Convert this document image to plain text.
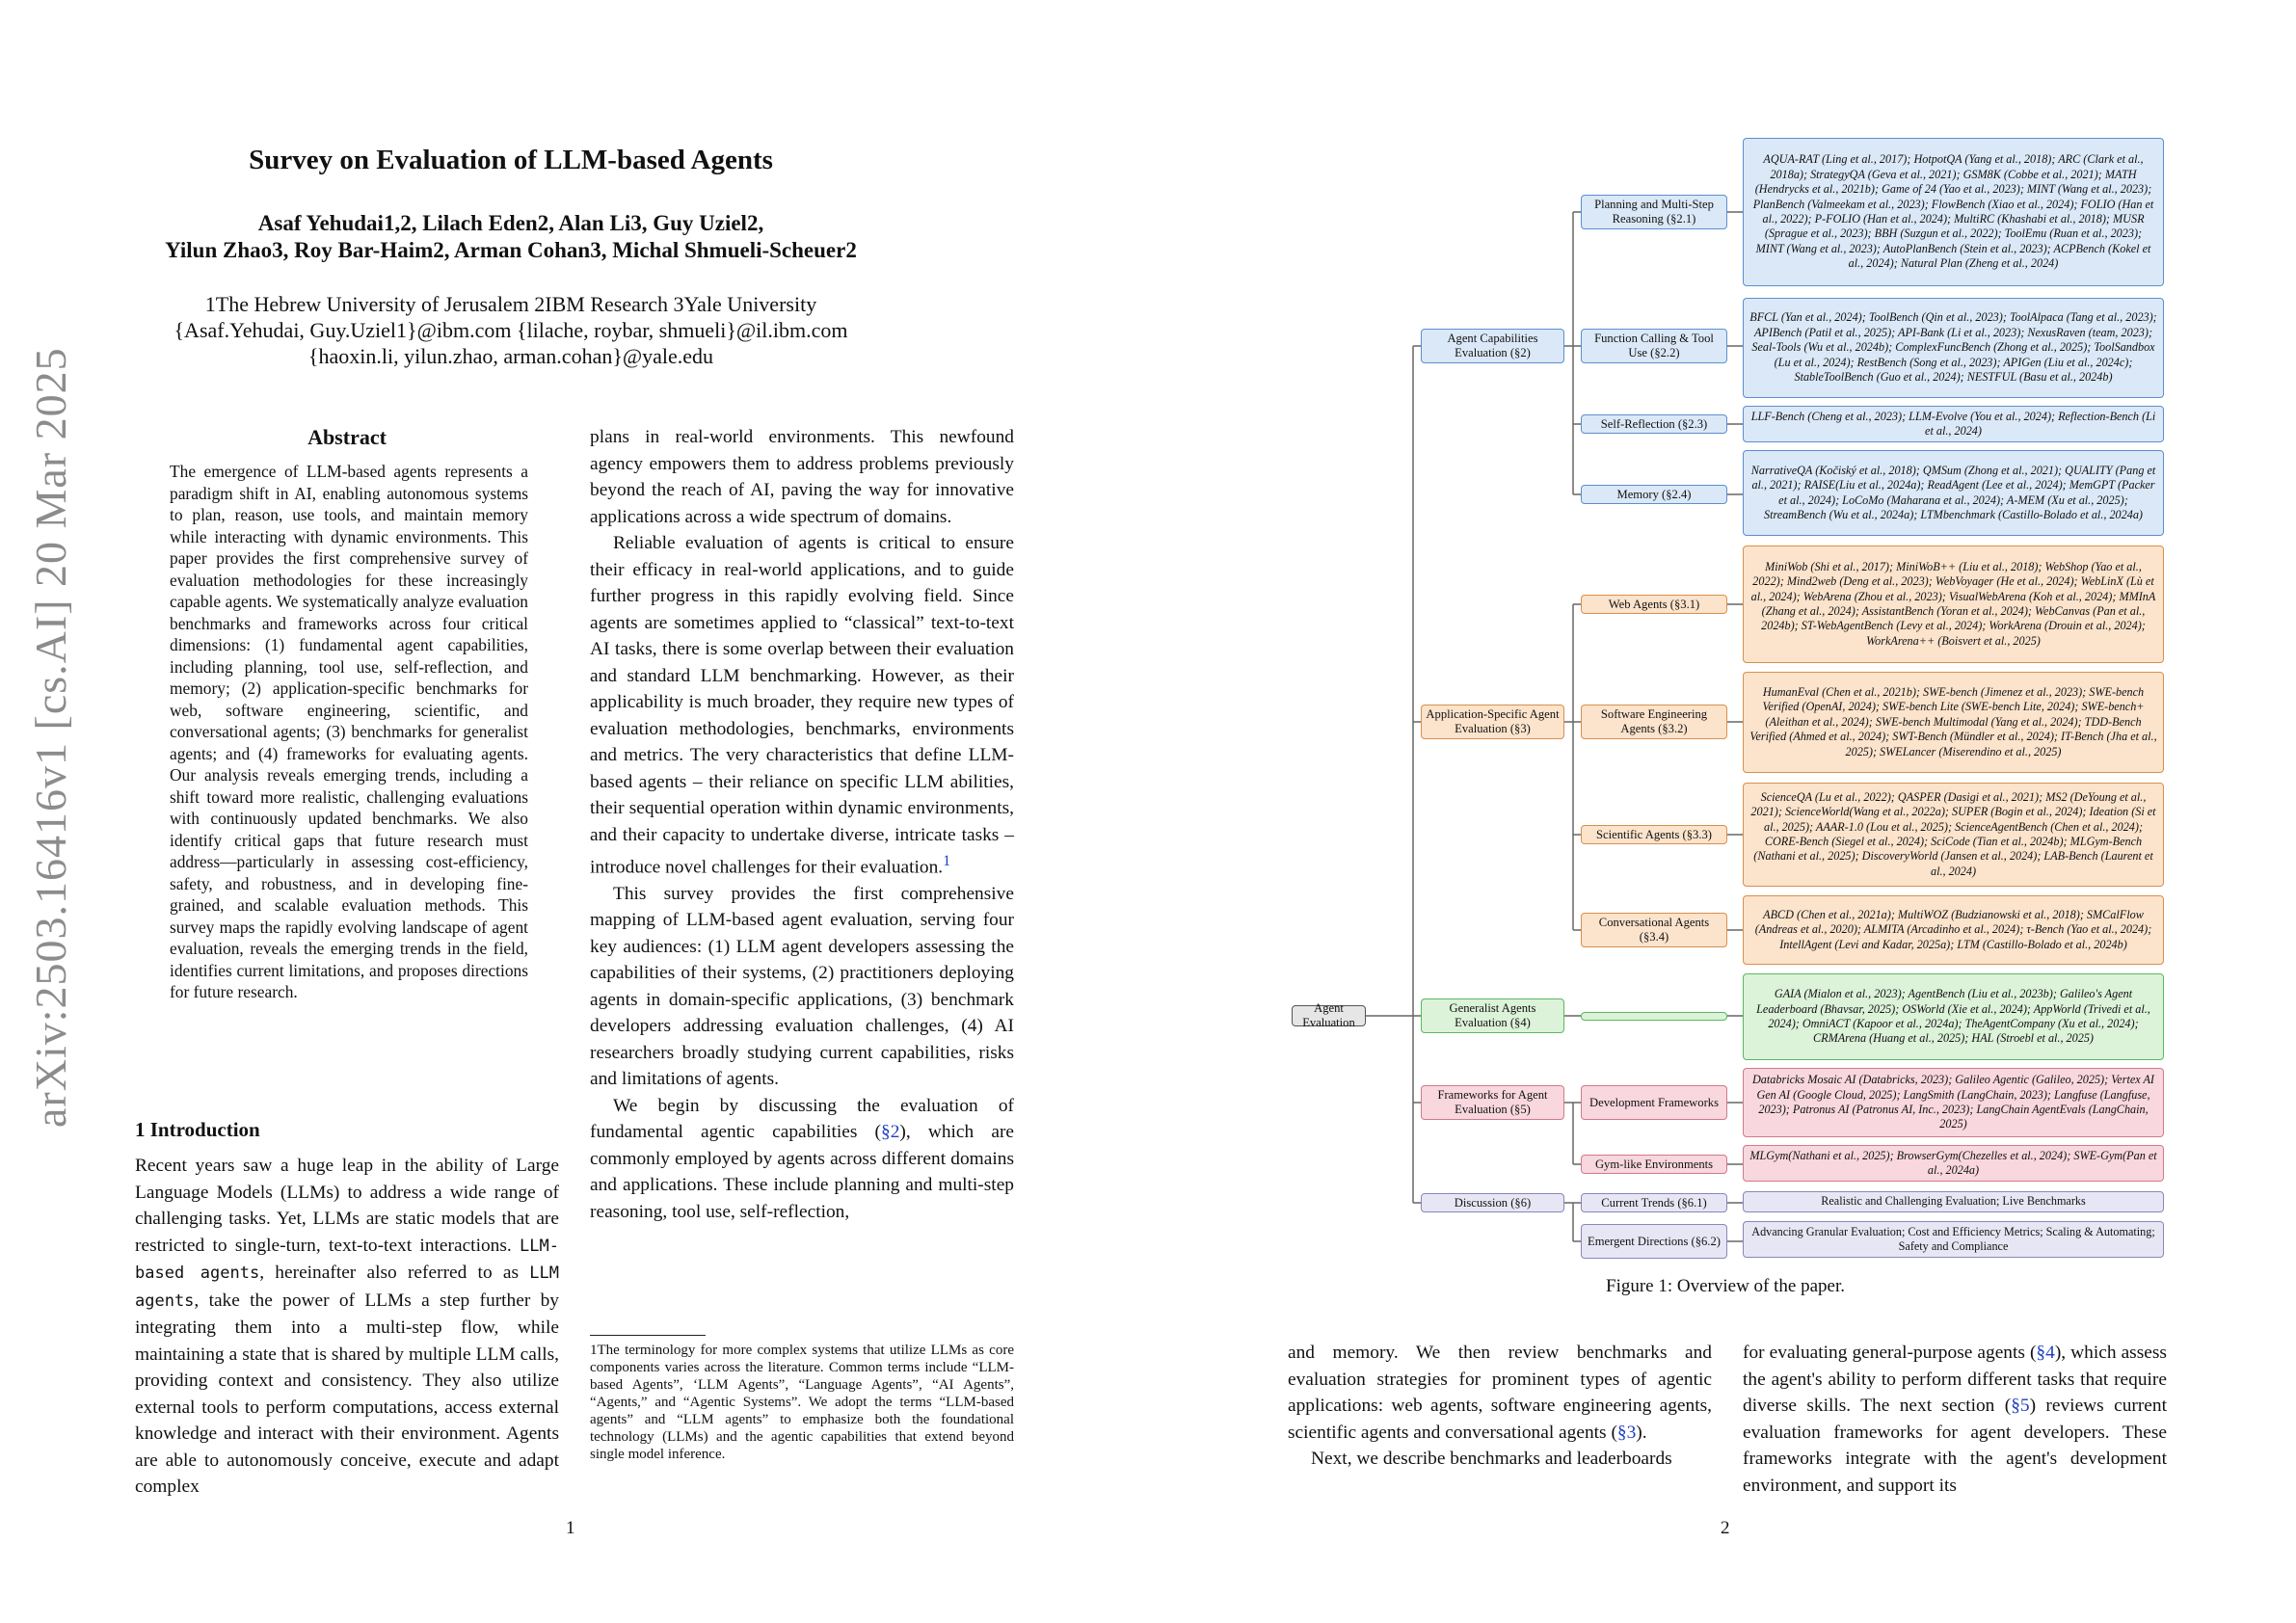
arXiv:2503.16416v1 [cs.AI] 20 Mar 2025
Survey on Evaluation of LLM-based Agents
Asaf Yehudai1,2, Lilach Eden2, Alan Li3, Guy Uziel2,
Yilun Zhao3, Roy Bar-Haim2, Arman Cohan3, Michal Shmueli-Scheuer2
1The Hebrew University of Jerusalem 2IBM Research 3Yale University
{Asaf.Yehudai, Guy.Uziel1}@ibm.com {lilache, roybar, shmueli}@il.ibm.com
{haoxin.li, yilun.zhao, arman.cohan}@yale.edu
Abstract
The emergence of LLM-based agents represents a paradigm shift in AI, enabling autonomous systems to plan, reason, use tools, and maintain memory while interacting with dynamic environments. This paper provides the first comprehensive survey of evaluation methodologies for these increasingly capable agents. We systematically analyze evaluation benchmarks and frameworks across four critical dimensions: (1) fundamental agent capabilities, including planning, tool use, self-reflection, and memory; (2) application-specific benchmarks for web, software engineering, scientific, and conversational agents; (3) benchmarks for generalist agents; and (4) frameworks for evaluating agents. Our analysis reveals emerging trends, including a shift toward more realistic, challenging evaluations with continuously updated benchmarks. We also identify critical gaps that future research must address—particularly in assessing cost-efficiency, safety, and robustness, and in developing fine-grained, and scalable evaluation methods. This survey maps the rapidly evolving landscape of agent evaluation, reveals the emerging trends in the field, identifies current limitations, and proposes directions for future research.
1 Introduction

Recent years saw a huge leap in the ability of Large Language Models (LLMs) to address a wide range of challenging tasks. Yet, LLMs are static models that are restricted to single-turn, text-to-text interactions. LLM-based agents, hereinafter also referred to as LLM agents, take the power of LLMs a step further by integrating them into a multi-step flow, while maintaining a state that is shared by multiple LLM calls, providing context and consistency. They also utilize external tools to perform computations, access external knowledge and interact with their environment. Agents are able to autonomously conceive, execute and adapt complex

plans in real-world environments. This newfound agency empowers them to address problems previously beyond the reach of AI, paving the way for innovative applications across a wide spectrum of domains.

Reliable evaluation of agents is critical to ensure their efficacy in real-world applications, and to guide further progress in this rapidly evolving field. Since agents are sometimes applied to “classical” text-to-text AI tasks, there is some overlap between their evaluation and standard LLM benchmarking. However, as their applicability is much broader, they require new types of evaluation methodologies, benchmarks, environments and metrics. The very characteristics that define LLM-based agents – their reliance on specific LLM abilities, their sequential operation within dynamic environments, and their capacity to undertake diverse, intricate tasks – introduce novel challenges for their evaluation.$^1$

This survey provides the first comprehensive mapping of LLM-based agent evaluation, serving four key audiences: (1) LLM agent developers assessing the capabilities of their systems, (2) practitioners deploying agents in domain-specific applications, (3) benchmark developers addressing evaluation challenges, (4) AI researchers broadly studying current capabilities, risks and limitations of agents.

We begin by discussing the evaluation of fundamental agentic capabilities (§2), which are commonly employed by agents across different domains and applications. These include planning and multi-step reasoning, tool use, self-reflection,

1The terminology for more complex systems that utilize LLMs as core components varies across the literature. Common terms include “LLM-based Agents”, ‘LLM Agents”, “Language Agents”, “AI Agents”, “Agents,” and “Agentic Systems”. We adopt the terms “LLM-based agents” and “LLM agents” to emphasize both the foundational technology (LLMs) and the agentic capabilities that extend beyond single model inference.
1
Agent Evaluation
Agent Capabilities Evaluation (§2)
Application-Specific Agent Evaluation (§3)
Generalist Agents Evaluation (§4)
Frameworks for Agent Evaluation (§5)
Discussion (§6)
Planning and Multi-Step Reasoning (§2.1)
Function Calling & Tool Use (§2.2)
Self-Reflection (§2.3)
Memory (§2.4)
Web Agents (§3.1)
Software Engineering Agents (§3.2)
Scientific Agents (§3.3)
Conversational Agents (§3.4)
Development Frameworks
Gym-like Environments
Current Trends (§6.1)
Emergent Directions (§6.2)
AQUA-RAT (Ling et al., 2017); HotpotQA (Yang et al., 2018); ARC (Clark et al., 2018a); StrategyQA (Geva et al., 2021); GSM8K (Cobbe et al., 2021); MATH (Hendrycks et al., 2021b); Game of 24 (Yao et al., 2023); MINT (Wang et al., 2023); PlanBench (Valmeekam et al., 2023); FlowBench (Xiao et al., 2024); FOLIO (Han et al., 2022); P-FOLIO (Han et al., 2024); MultiRC (Khashabi et al., 2018); MUSR (Sprague et al., 2023); BBH (Suzgun et al., 2022); ToolEmu (Ruan et al., 2023); MINT (Wang et al., 2023); AutoPlanBench (Stein et al., 2023); ACPBench (Kokel et al., 2024); Natural Plan (Zheng et al., 2024)
BFCL (Yan et al., 2024); ToolBench (Qin et al., 2023); ToolAlpaca (Tang et al., 2023); APIBench (Patil et al., 2025); API-Bank (Li et al., 2023); NexusRaven (team, 2023); Seal-Tools (Wu et al., 2024b); ComplexFuncBench (Zhong et al., 2025); ToolSandbox (Lu et al., 2024); RestBench (Song et al., 2023); APIGen (Liu et al., 2024c); StableToolBench (Guo et al., 2024); NESTFUL (Basu et al., 2024b)
LLF-Bench (Cheng et al., 2023); LLM-Evolve (You et al., 2024); Reflection-Bench (Li et al., 2024)
NarrativeQA (Kočiský et al., 2018); QMSum (Zhong et al., 2021); QUALITY (Pang et al., 2021); RAISE(Liu et al., 2024a); ReadAgent (Lee et al., 2024); MemGPT (Packer et al., 2024); LoCoMo (Maharana et al., 2024); A-MEM (Xu et al., 2025); StreamBench (Wu et al., 2024a); LTMbenchmark (Castillo-Bolado et al., 2024a)
MiniWob (Shi et al., 2017); MiniWoB++ (Liu et al., 2018); WebShop (Yao et al., 2022); Mind2web (Deng et al., 2023); WebVoyager (He et al., 2024); WebLinX (Lù et al., 2024); WebArena (Zhou et al., 2023); VisualWebArena (Koh et al., 2024); MMInA (Zhang et al., 2024); AssistantBench (Yoran et al., 2024); WebCanvas (Pan et al., 2024b); ST-WebAgentBench (Levy et al., 2024); WorkArena (Drouin et al., 2024); WorkArena++ (Boisvert et al., 2025)
HumanEval (Chen et al., 2021b); SWE-bench (Jimenez et al., 2023); SWE-bench Verified (OpenAI, 2024); SWE-bench Lite (SWE-bench Lite, 2024); SWE-bench+ (Aleithan et al., 2024); SWE-bench Multimodal (Yang et al., 2024); TDD-Bench Verified (Ahmed et al., 2024); SWT-Bench (Mündler et al., 2024); IT-Bench (Jha et al., 2025); SWELancer (Miserendino et al., 2025)
ScienceQA (Lu et al., 2022); QASPER (Dasigi et al., 2021); MS2 (DeYoung et al., 2021); ScienceWorld(Wang et al., 2022a); SUPER (Bogin et al., 2024); Ideation (Si et al., 2025); AAAR-1.0 (Lou et al., 2025); ScienceAgentBench (Chen et al., 2024); CORE-Bench (Siegel et al., 2024); SciCode (Tian et al., 2024b); MLGym-Bench (Nathani et al., 2025); DiscoveryWorld (Jansen et al., 2024); LAB-Bench (Laurent et al., 2024)
ABCD (Chen et al., 2021a); MultiWOZ (Budzianowski et al., 2018); SMCalFlow (Andreas et al., 2020); ALMITA (Arcadinho et al., 2024); τ-Bench (Yao et al., 2024); IntellAgent (Levi and Kadar, 2025a); LTM (Castillo-Bolado et al., 2024b)
GAIA (Mialon et al., 2023); AgentBench (Liu et al., 2023b); Galileo's Agent Leaderboard (Bhavsar, 2025); OSWorld (Xie et al., 2024); AppWorld (Trivedi et al., 2024); OmniACT (Kapoor et al., 2024a); TheAgentCompany (Xu et al., 2024); CRMArena (Huang et al., 2025); HAL (Stroebl et al., 2025)
Databricks Mosaic AI (Databricks, 2023); Galileo Agentic (Galileo, 2025); Vertex AI Gen AI (Google Cloud, 2025); LangSmith (LangChain, 2023); Langfuse (Langfuse, 2023); Patronus AI (Patronus AI, Inc., 2023); LangChain AgentEvals (LangChain, 2025)
MLGym(Nathani et al., 2025); BrowserGym(Chezelles et al., 2024); SWE-Gym(Pan et al., 2024a)
Realistic and Challenging Evaluation; Live Benchmarks
Advancing Granular Evaluation; Cost and Efficiency Metrics; Scaling & Automating; Safety and Compliance
Figure 1: Overview of the paper.

and memory. We then review benchmarks and evaluation strategies for prominent types of agentic applications: web agents, software engineering agents, scientific agents and conversational agents (§3).

Next, we describe benchmarks and leaderboards

for evaluating general-purpose agents (§4), which assess the agent's ability to perform different tasks that require diverse skills. The next section (§5) reviews current evaluation frameworks for agent developers. These frameworks integrate with the agent's development environment, and support its

2
